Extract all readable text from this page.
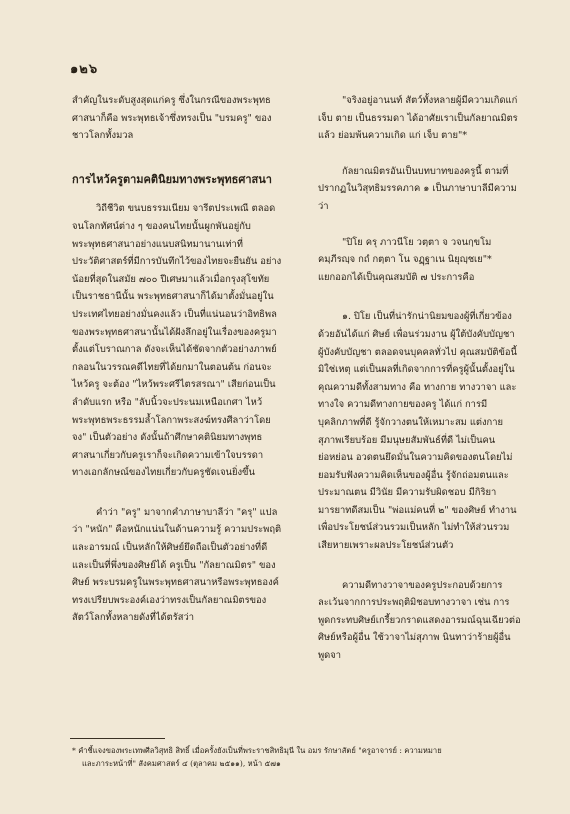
๑๒๖

สำคัญในระดับสูงสุดแก่ครู ซึ่งในกรณีของพระพุทธศาสนาก็คือ พระพุทธเจ้าซึ่งทรงเป็น "บรมครู" ของชาวโลกทั้งมวล

การไหว้ครูตามคตินิยมทางพระพุทธศาสนา

วิถีชีวิต ขนบธรรมเนียม จารีตประเพณี ตลอดจนโลกทัศน์ต่าง ๆ ของคนไทยนั้นผูกพันอยู่กับพระพุทธศาสนาอย่างแนบสนิทมานานเท่าที่ประวัติศาสตร์ที่มีการบันทึกไว้ของไทยจะยืนยัน อย่างน้อยที่สุดในสมัย ๗๐๐ ปีเศษมาแล้วเมื่อกรุงสุโขทัยเป็นราชธานีนั้น พระพุทธศาสนาก็ได้มาตั้งมั่นอยู่ในประเทศไทยอย่างมั่นคงแล้ว เป็นที่แน่นอนว่าอิทธิพลของพระพุทธศาสนานั้นได้ฝังลึกอยู่ในเรื่องของครูมาตั้งแต่โบราณกาล ดังจะเห็นได้ชัดจากตัวอย่างภาพย์ กลอนในวรรณคดีไทยที่ได้ยกมาในตอนต้น ก่อนจะไหว้ครู จะต้อง "ไหว้พระศรีไตรสรณา" เสียก่อนเป็นลำดับแรก หรือ "ลับนิ้วจะประนมเหนือเกศา ไหว้พระพุทธพระธรรมล้ำโลกาพระสงฆ์ทรงศีลาว่าโดยจง" เป็นตัวอย่าง ดังนั้นถ้าศึกษาคตินิยมทางพุทธศาสนาเกี่ยวกับครูเราก็จะเกิดความเข้าใจบรรดาทางเอกลักษณ์ของไทยเกี่ยวกับครูชัดเจนยิ่งขึ้น

คำว่า "ครู" มาจากคำภาษาบาลีว่า "ครุ" แปลว่า "หนัก" คือหนักแน่นในด้านความรู้ ความประพฤติ และอารมณ์ เป็นหลักให้ศิษย์ยึดถือเป็นตัวอย่างที่ดีและเป็นที่พึ่งของศิษย์ได้ ครูเป็น "กัลยาณมิตร" ของศิษย์ พระบรมครูในพระพุทธศาสนาหรือพระพุทธองค์ทรงเปรียบพระองค์เองว่าทรงเป็นกัลยาณมิตรของสัตว์โลกทั้งหลายดังที่ได้ตรัสว่า

"จริงอยู่อานนท์ สัตว์ทั้งหลายผู้มีความเกิดแก่ เจ็บ ตาย เป็นธรรมดา ได้อาศัยเราเป็นกัลยาณมิตรแล้ว ย่อมพ้นความเกิด แก่ เจ็บ ตาย"*

กัลยาณมิตรอันเป็นบทบาทของครูนี้ ตามที่ปรากฏในวิสุทธิมรรคภาค ๑ เป็นภาษาบาลีมีความว่า

"ปิโย ครุ ภาวนีโย วตฺตา จ วจนกฺขโม คมฺภีรญฺจ กถํ กตฺตา โน จฏฺฐาเน นิยุญฺชเย"*

แยกออกได้เป็นคุณสมบัติ ๗ ประการคือ

๑. ปิโย เป็นที่น่ารักน่านิยมของผู้ที่เกี่ยวข้องด้วยอันได้แก่ ศิษย์ เพื่อนร่วมงาน ผู้ใต้บังคับบัญชา ผู้บังคับบัญชา ตลอดจนบุคคลทั่วไป คุณสมบัติข้อนี้มิใช่เหตุ แต่เป็นผลที่เกิดจากการที่ครูผู้นั้นตั้งอยู่ในคุณความดีทั้งสามทาง คือ ทางกาย ทางวาจา และทางใจ ความดีทางกายของครู ได้แก่ การมีบุคลิกภาพที่ดี รู้จักวางตนให้เหมาะสม แต่งกายสุภาพเรียบร้อย มีมนุษยสัมพันธ์ที่ดี ไม่เป็นคนย่อหย่อน อวดตนยึดมั่นในความคิดของตนโดยไม่ยอมรับฟังความคิดเห็นของผู้อื่น รู้จักถ่อมตนและประมาณตน มีวินัย มีความรับผิดชอบ มีกิริยามารยาทดีสมเป็น "พ่อแม่คนที่ ๒" ของศิษย์ ทำงานเพื่อประโยชน์ส่วนรวมเป็นหลัก ไม่ทำให้ส่วนรวมเสียหายเพราะผลประโยชน์ส่วนตัว

ความดีทางวาจาของครูประกอบด้วยการละเว้นจากการประพฤติมิชอบทางวาจา เช่น การพูดกระทบศิษย์เกรี้ยวกราดแสดงอารมณ์ฉุนเฉียวต่อศิษย์หรือผู้อื่น ใช้วาจาไม่สุภาพ นินทาว่าร้ายผู้อื่น พูดจา

* คำชี้แจงของพระเทพศีลวิสุทธิ สิทธิ์ เมื่อครั้งยังเป็นที่พระราชสิทธิมุนี ใน อมร รักษาสัตย์ "ครูอาจารย์ : ความหมาย
และภาระหน้าที่" สังคมศาสตร์ ๔ (ตุลาคม ๒๕๑๑), หน้า ๕๗๑
